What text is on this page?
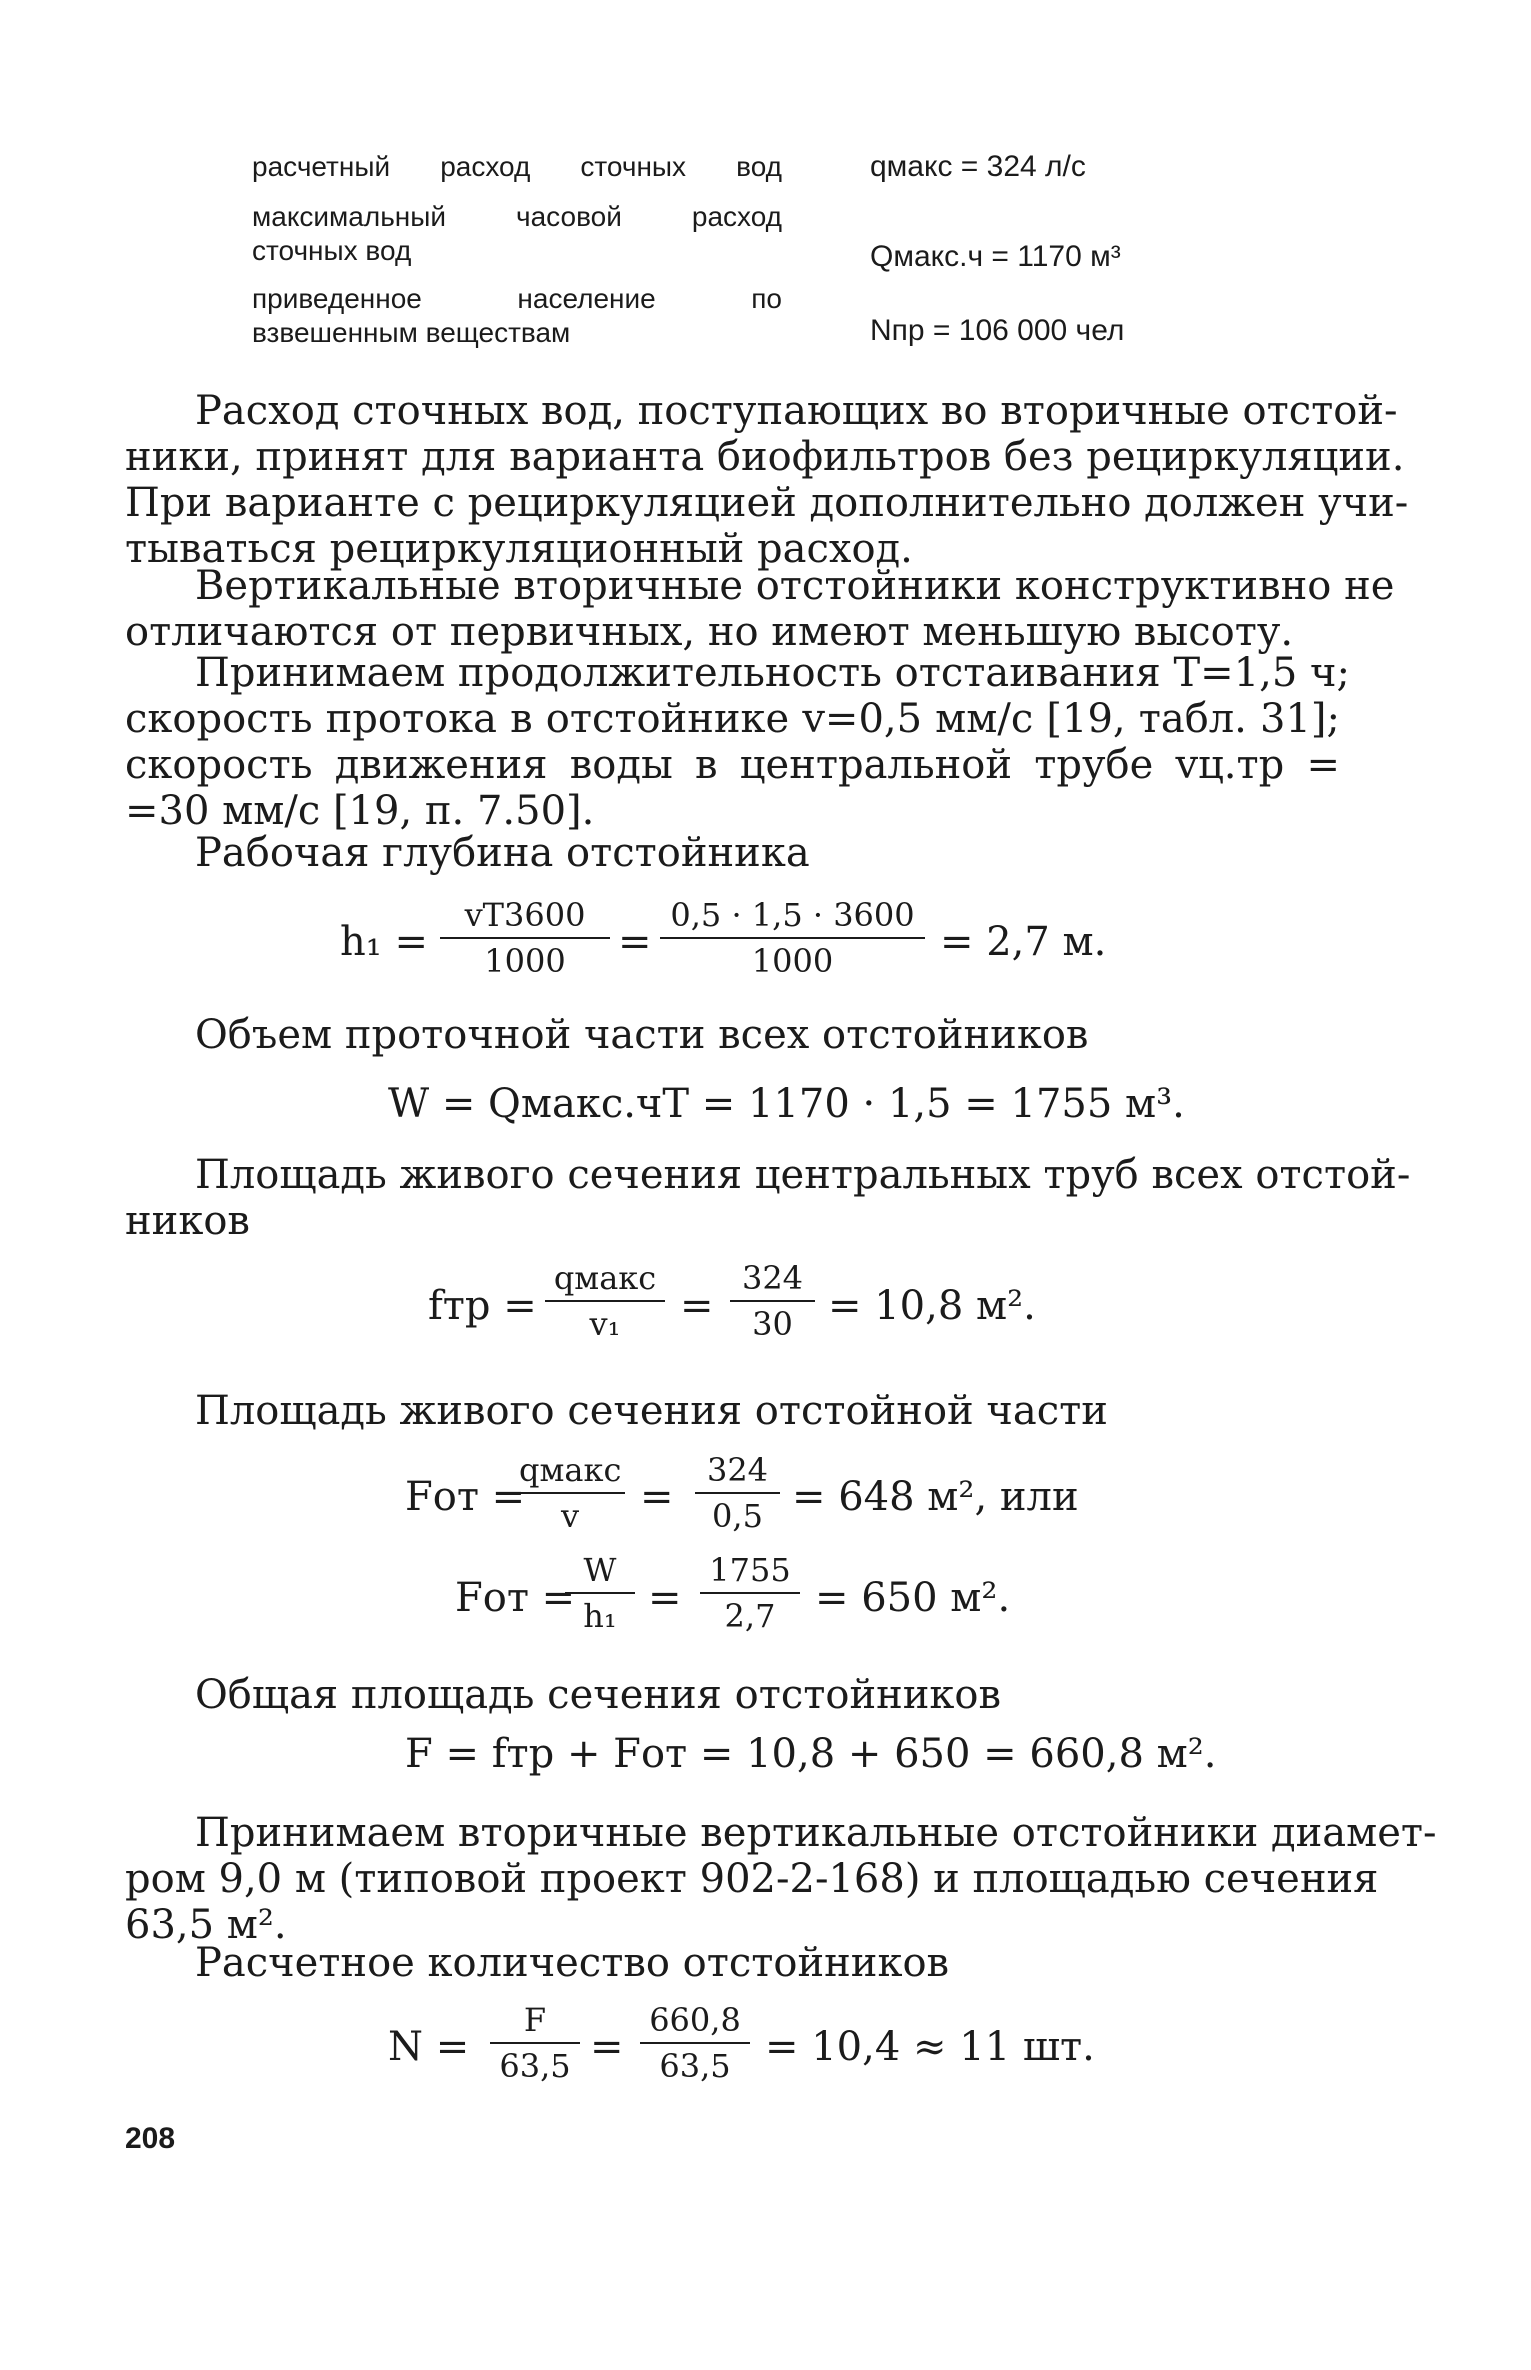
расчетный расход сточных вод	qмакс = 324 л/с
максимальный часовой расход
сточных вод	Qмакс.ч = 1170 м³
приведенное население по
взвешенным веществам	Nпр = 106 000 чел
Расход сточных вод, поступающих во вторичные отстой-
ники, принят для варианта биофильтров без рециркуляции.
При варианте с рециркуляцией дополнительно должен учи-
тываться рециркуляционный расход.
Вертикальные вторичные отстойники конструктивно не
отличаются от первичных, но имеют меньшую высоту.
Принимаем продолжительность отстаивания T=1,5 ч;
скорость протока в отстойнике v=0,5 мм/с [19, табл. 31];
скорость движения воды в центральной трубе vц.тр =
=30 мм/с [19, п. 7.50].
Рабочая глубина отстойника
$h_1 = \frac{vT3600}{1000} = \frac{0,5 \cdot 1,5 \cdot 3600}{1000} = 2,7$ м.
Объем проточной части всех отстойников
W = Qмакс.чT = 1170 · 1,5 = 1755 м³.
Площадь живого сечения центральных труб всех отстой-
ников
fтр =
qмакс
v₁	= $\frac{324}{30} = 10,8$ м².
Площадь живого сечения отстойной части
Fот =
qмакс
v	= $\frac{324}{0,5} = 648$ м², или
Fот =
$\frac{W}{\text{h₁}} = \frac{1755}{2,7} = 650$ м².
Общая площадь сечения отстойников
F = fтр + Fот = 10,8 + 650 = 660,8 м².
Принимаем вторичные вертикальные отстойники диамет-
ром 9,0 м (типовой проект 902-2-168) и площадью сечения
63,5 м².
Расчетное количество отстойников
$N = \frac{F}{63,5} = \frac{660,8}{63,5} = 10,4 \approx 11$ шт.
208
